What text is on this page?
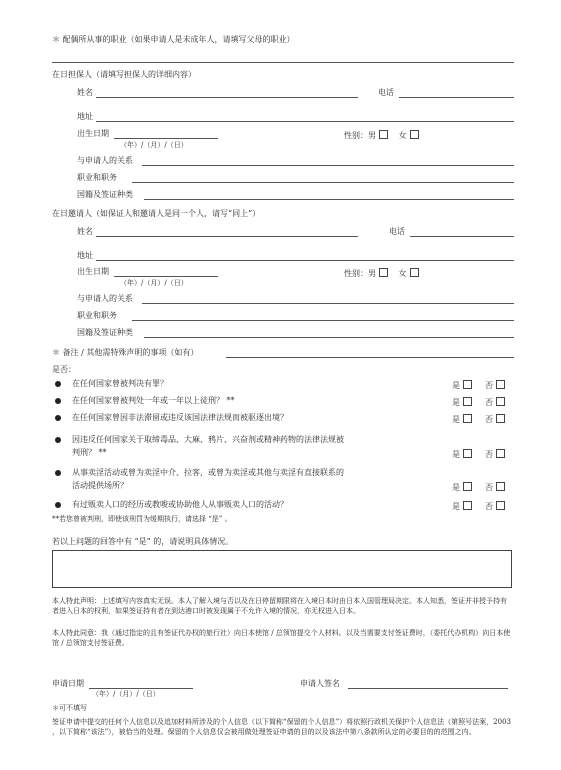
＊ 配偶所从事的职业（如果申请人是未成年人，请填写父母的职业）
在日担保人（请填写担保人的详细内容）
姓名	电话
地址
出生日期
（年）/（月）/（日）
性别：男	女
与申请人的关系
职业和职务
国籍及签证种类
在日邀请人（如保证人和邀请人是同一个人，请写“同上”）
姓名	电话
地址
出生日期
（年）/（月）/（日）
性别：男	女
与申请人的关系
职业和职务
国籍及签证种类
＊ 备注 / 其他需特殊声明的事项（如有）
是否：
在任何国家曾被判决有罪？	是	否
在任何国家曾被判处一年或一年以上徒刑？ **	是	否
在任何国家曾因非法滞留或违反该国法律法规而被驱逐出境？	是	否
因违反任何国家关于取缔毒品、大麻、鸦片、兴奋剂或精神药物的法律法规被
判刑？ **	是	否
从事卖淫活动或曾为卖淫中介、拉客，或曾为卖淫或其他与卖淫有直接联系的
活动提供场所？	是	否
有过贩卖人口的经历或教唆或协助他人从事贩卖人口的活动？	是	否
**若您曾被判刑，即使该刑罚为缓期执行，请选择 “是” 。
若以上问题的回答中有 “是” 的，请说明具体情况。
本人特此声明：上述填写内容真实无误。本人了解入境与否以及在日停留期限将在入境日本时由日本入国管理局决定。本人知悉，签证并非授予持有者进入日本的权利，如果签证持有者在到达港口时被发现属于不允许入境的情况，亦无权进入日本。
本人特此同意：我（通过指定的且有签证代办权的旅行社）向日本使馆 / 总领馆提交个人材料。以及当需要支付签证费时，（委托代办机构）向日本使馆 / 总领馆支付签证费。
申请日期
（年）/（月）/（日）
申请人签名
＊可不填写
签证申请中提交的任何个人信息以及追加材料所涉及的个人信息（以下简称“保留的个人信息”）将依照行政机关保护个人信息法（第照号法案，2003 ，以下简称“该法”），被恰当的处理。保留的个人信息仅会被用做处理签证申请的目的以及该法中第八条款所认定的必要目的的范围之内。
